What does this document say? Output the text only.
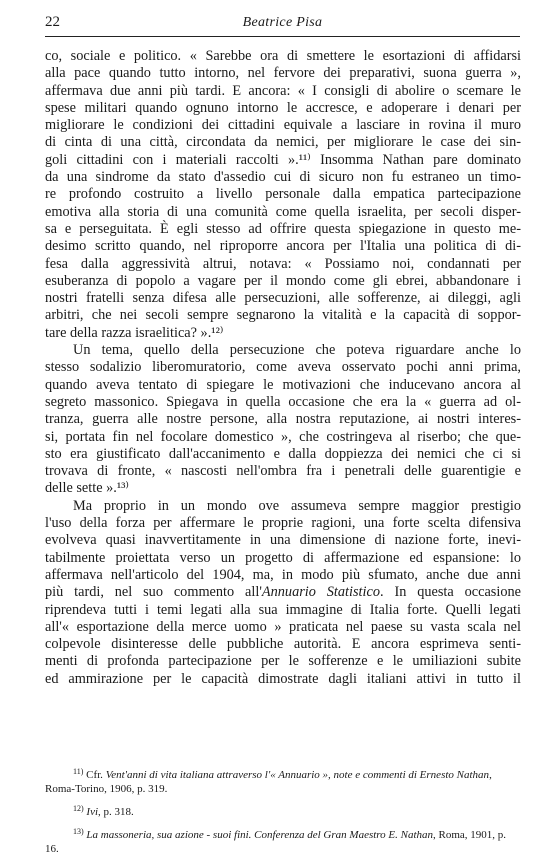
22	Beatrice Pisa
co, sociale e politico. « Sarebbe ora di smettere le esortazioni di affidarsi
alla pace quando tutto intorno, nel fervore dei preparativi, suona guerra »,
affermava due anni più tardi. E ancora: « I consigli di abolire o scemare le
spese militari quando ognuno intorno le accresce, e adoperare i denari per
migliorare le condizioni dei cittadini equivale a lasciare in rovina il muro
di cinta di una città, circondata da nemici, per migliorare le case dei sin-
goli cittadini con i materiali raccolti ».¹¹⁾ Insomma Nathan pare dominato
da una sindrome da stato d'assedio cui di sicuro non fu estraneo un timo-
re profondo costruito a livello personale dalla empatica partecipazione
emotiva alla storia di una comunità come quella israelita, per secoli disper-
sa e perseguitata. È egli stesso ad offrire questa spiegazione in questo me-
desimo scritto quando, nel riproporre ancora per l'Italia una politica di di-
fesa dalla aggressività altrui, notava: « Possiamo noi, condannati per
esuberanza di popolo a vagare per il mondo come gli ebrei, abbandonare i
nostri fratelli senza difesa alle persecuzioni, alle sofferenze, ai dileggi, agli
arbitri, che nei secoli sempre segnarono la vitalità e la capacità di soppor-
tare della razza israelitica? ».¹²⁾
Un tema, quello della persecuzione che poteva riguardare anche lo
stesso sodalizio liberomuratorio, come aveva osservato pochi anni prima,
quando aveva tentato di spiegare le motivazioni che inducevano ancora al
segreto massonico. Spiegava in quella occasione che era la « guerra ad ol-
tranza, guerra alle nostre persone, alla nostra reputazione, ai nostri interes-
si, portata fin nel focolare domestico », che costringeva al riserbo; che que-
sto era giustificato dall'accanimento e dalla doppiezza dei nemici che ci si
trovava di fronte, « nascosti nell'ombra fra i penetrali delle guarentigie e
delle sette ».¹³⁾
Ma proprio in un mondo ove assumeva sempre maggior prestigio
l'uso della forza per affermare le proprie ragioni, una forte scelta difensiva
evolveva quasi inavvertitamente in una dimensione di nazione forte, inevi-
tabilmente proiettata verso un progetto di affermazione ed espansione: lo
affermava nell'articolo del 1904, ma, in modo più sfumato, anche due anni
più tardi, nel suo commento all'Annuario Statistico. In questa occasione
riprendeva tutti i temi legati alla sua immagine di Italia forte. Quelli legati
all'« esportazione della merce uomo » praticata nel paese su vasta scala nel
colpevole disinteresse delle pubbliche autorità. E ancora esprimeva senti-
menti di profonda partecipazione per le sofferenze e le umiliazioni subite
ed ammirazione per le capacità dimostrate dagli italiani attivi in tutto il
$^{11)}$ Cfr. Vent'anni di vita italiana attraverso l'« Annuario », note e commenti di Ernesto Nathan, Roma-Torino, 1906, p. 319.
$^{12)}$ Ivi, p. 318.
$^{13)}$ La massoneria, sua azione - suoi fini. Conferenza del Gran Maestro E. Nathan, Roma, 1901, p. 16.
